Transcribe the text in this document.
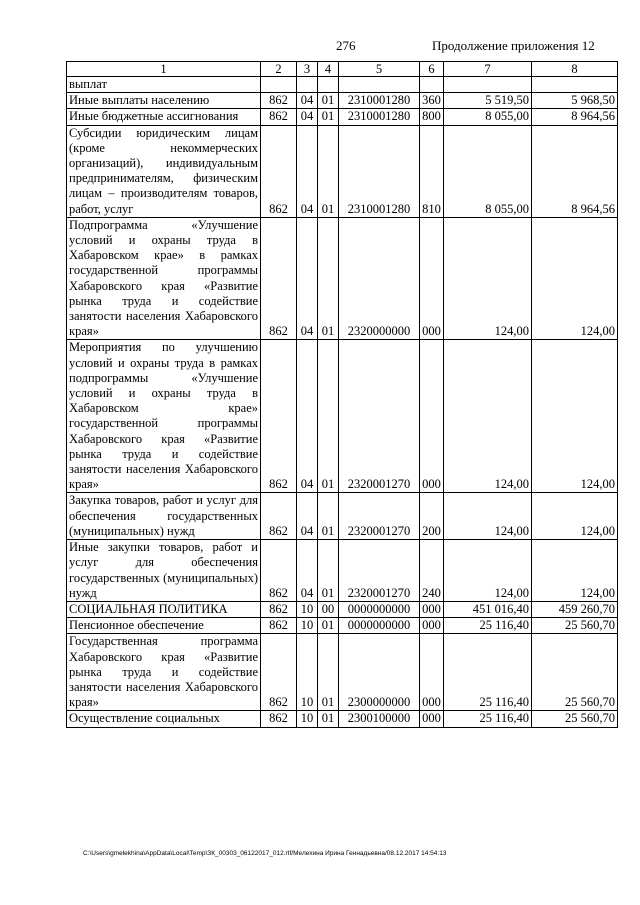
276	Продолжение приложения 12
1	2	3	4	5	6	7	8
выплат							
Иные выплаты населению	862	04	01	2310001280	360	5 519,50	5 968,50
Иные бюджетные ассигнования	862	04	01	2310001280	800	8 055,00	8 964,56
Субсидии юридическим лицам (кроме некоммерческих организаций), индивидуальным предпринимателям, физическим лицам – производителям товаров, работ, услуг	862	04	01	2310001280	810	8 055,00	8 964,56
Подпрограмма «Улучшение условий и охраны труда в Хабаровском крае» в рамках государственной программы Хабаровского края «Развитие рынка труда и содействие занятости населения Хабаровского края»	862	04	01	2320000000	000	124,00	124,00
Мероприятия по улучшению условий и охраны труда в рамках подпрограммы «Улучшение условий и охраны труда в Хабаровском крае» государственной программы Хабаровского края «Развитие рынка труда и содействие занятости населения Хабаровского края»	862	04	01	2320001270	000	124,00	124,00
Закупка товаров, работ и услуг для обеспечения государственных (муниципальных) нужд	862	04	01	2320001270	200	124,00	124,00
Иные закупки товаров, работ и услуг для обеспечения государственных (муниципальных) нужд	862	04	01	2320001270	240	124,00	124,00
СОЦИАЛЬНАЯ ПОЛИТИКА	862	10	00	0000000000	000	451 016,40	459 260,70
Пенсионное обеспечение	862	10	01	0000000000	000	25 116,40	25 560,70
Государственная программа Хабаровского края «Развитие рынка труда и содействие занятости населения Хабаровского края»	862	10	01	2300000000	000	25 116,40	25 560,70
Осуществление социальных	862	10	01	2300100000	000	25 116,40	25 560,70
C:\Users\gmelekhina\AppData\Local\Temp\ЗК_00303_06122017_012.rtf/Мелехина Ирина Геннадьевна/08.12.2017 14:54:13
